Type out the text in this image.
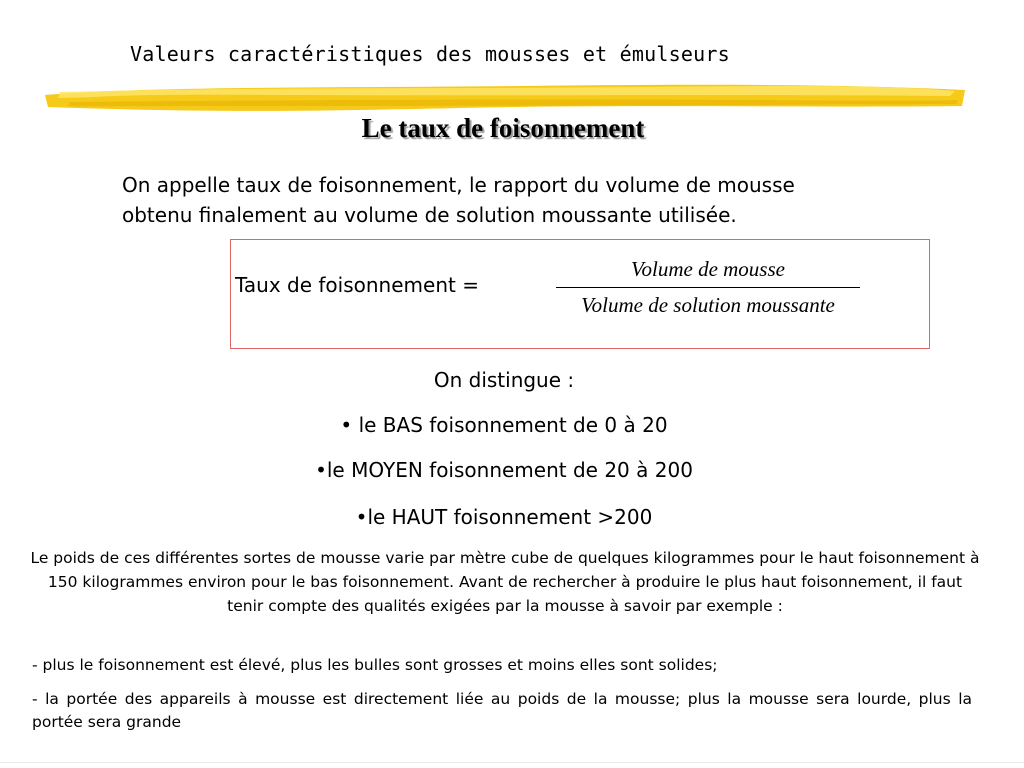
Valeurs caractéristiques des mousses et émulseurs
Le taux de foisonnement
On appelle taux de foisonnement, le rapport du volume de mousse obtenu finalement au volume de solution moussante utilisée.
Taux de foisonnement =
Volume de mousse
Volume de solution moussante
On distingue :
• le BAS foisonnement de 0 à 20
•le MOYEN foisonnement de 20 à 200
•le HAUT foisonnement >200
Le poids de ces différentes sortes de mousse varie par mètre cube de quelques kilogrammes pour le haut foisonnement à 150 kilogrammes environ pour le bas foisonnement. Avant de rechercher à produire le plus haut foisonnement, il faut tenir compte des qualités exigées par la mousse à savoir par exemple :
- plus le foisonnement est élevé, plus les bulles sont grosses et moins elles sont solides;
- la portée des appareils à mousse est directement liée au poids de la mousse; plus la mousse sera lourde, plus la portée sera grande
